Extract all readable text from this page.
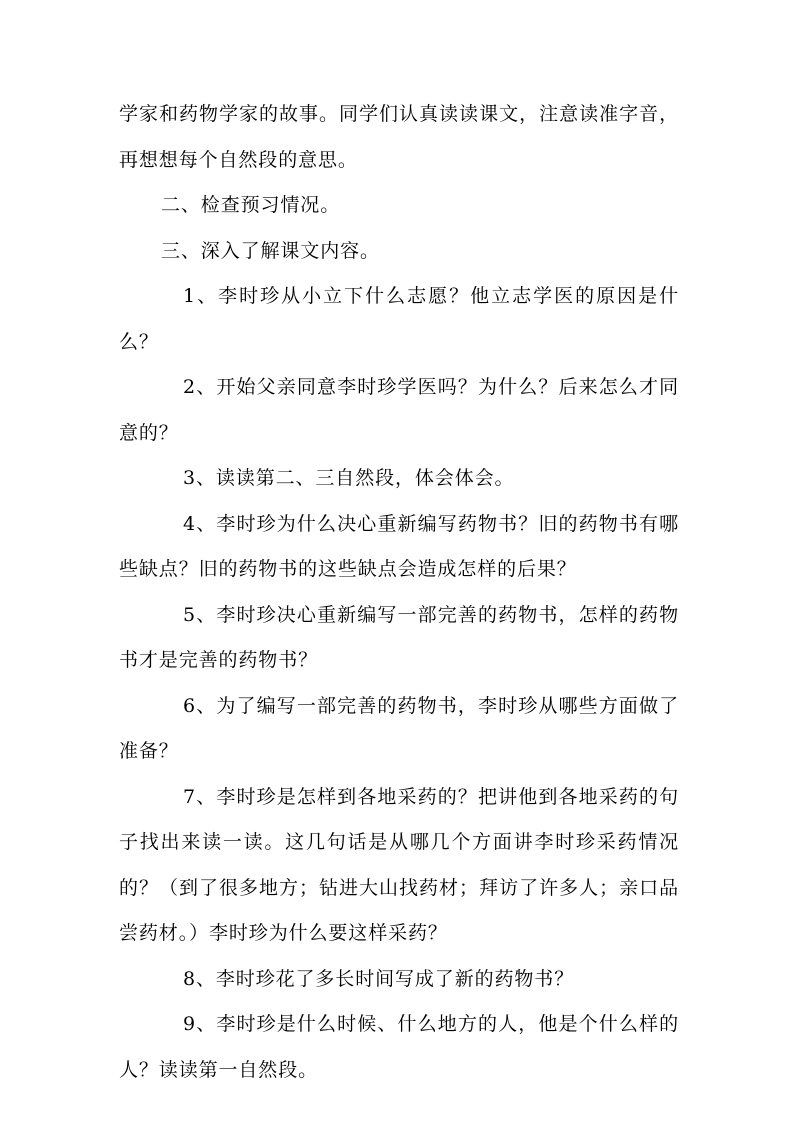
学家和药物学家的故事。同学们认真读读课文，注意读准字音，再想想每个自然段的意思。

二、检查预习情况。

三、深入了解课文内容。

1、李时珍从小立下什么志愿？他立志学医的原因是什么？

2、开始父亲同意李时珍学医吗？为什么？后来怎么才同意的？

3、读读第二、三自然段，体会体会。

4、李时珍为什么决心重新编写药物书？旧的药物书有哪些缺点？旧的药物书的这些缺点会造成怎样的后果？

5、李时珍决心重新编写一部完善的药物书，怎样的药物书才是完善的药物书？

6、为了编写一部完善的药物书，李时珍从哪些方面做了准备？

7、李时珍是怎样到各地采药的？把讲他到各地采药的句子找出来读一读。这几句话是从哪几个方面讲李时珍采药情况的？（到了很多地方；钻进大山找药材；拜访了许多人；亲口品尝药材。）李时珍为什么要这样采药？

8、李时珍花了多长时间写成了新的药物书？

9、李时珍是什么时候、什么地方的人，他是个什么样的人？读读第一自然段。
